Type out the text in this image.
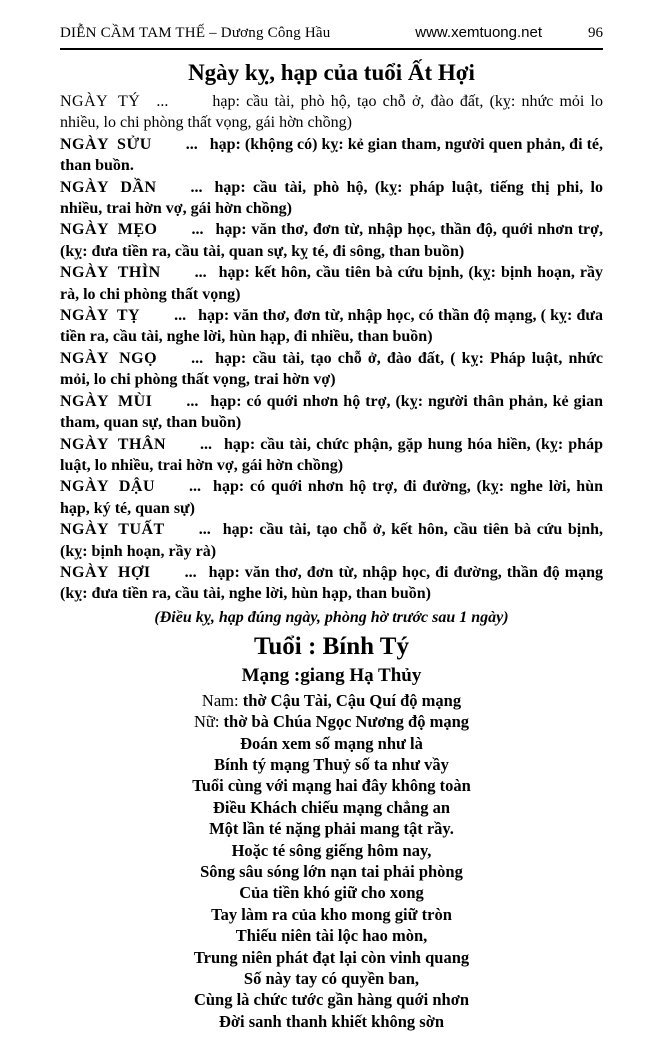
DIỄN CẦM TAM THẾ – Dương Công Hầu	www.xemtuong.net	96
Ngày kỵ, hạp của tuổi Ất Hợi

NGÀY TÝ ...	hạp: cầu tài, phò hộ, tạo chỗ ở, đào đất, (kỵ: nhức mỏi lo nhiều, lo chi phòng thất vọng, gái hờn chồng)

NGÀY SỬU ... hạp: (khộng có) kỵ: kẻ gian tham, người quen phản, đi té, than buồn.

NGÀY DẦN ... hạp: cầu tài, phò hộ, (kỵ: pháp luật, tiếng thị phi, lo nhiều, trai hờn vợ, gái hờn chồng)

NGÀY MẸO ... hạp: văn thơ, đơn từ, nhập học, thần độ, quới nhơn trợ, (kỵ: đưa tiền ra, cầu tài, quan sự, kỵ té, đi sông, than buồn)

NGÀY THÌN ... hạp: kết hôn, cầu tiên bà cứu bịnh, (kỵ: bịnh hoạn, rầy rà, lo chi phòng thất vọng)

NGÀY TỴ ... hạp: văn thơ, đơn từ, nhập học, có thần độ mạng, ( kỵ: đưa tiền ra, cầu tài, nghe lời, hùn hạp, đi nhiều, than buồn)

NGÀY NGỌ ... hạp: cầu tài, tạo chỗ ở, đào đất, ( kỵ: Pháp luật, nhức mỏi, lo chi phòng thất vọng, trai hờn vợ)

NGÀY MÙI ... hạp: có quới nhơn hộ trợ, (kỵ: người thân phản, kẻ gian tham, quan sự, than buồn)

NGÀY THÂN ... hạp: cầu tài, chức phận, gặp hung hóa hiền, (kỵ: pháp luật, lo nhiều, trai hờn vợ, gái hờn chồng)

NGÀY DẬU ... hạp: có quới nhơn hộ trợ, đi đường, (kỵ: nghe lời, hùn hạp, ký té, quan sự)

NGÀY TUẤT ... hạp: cầu tài, tạo chỗ ở, kết hôn, cầu tiên bà cứu bịnh, (kỵ: bịnh hoạn, rầy rà)

NGÀY HỢI ... hạp: văn thơ, đơn từ, nhập học, đi đường, thần độ mạng (kỵ: đưa tiền ra, cầu tài, nghe lời, hùn hạp, than buồn)

(Điều kỵ, hạp đúng ngày, phòng hờ trước sau 1 ngày)

Tuổi : Bính Tý
Mạng :giang Hạ Thủy

Nam: thờ Cậu Tài, Cậu Quí độ mạng

Nữ: thờ bà Chúa Ngọc Nương độ mạng

Đoán xem số mạng như là

Bính tý mạng Thuỷ số ta như vầy

Tuổi cùng với mạng hai đây không toàn

Điều Khách chiếu mạng chẳng an

Một lần té nặng phải mang tật rầy.

Hoặc té sông giếng hôm nay,

Sông sâu sóng lớn nạn tai phải phòng

Của tiền khó giữ cho xong

Tay làm ra của kho mong giữ tròn

Thiếu niên tài lộc hao mòn,

Trung niên phát đạt lại còn vinh quang

Số này tay có quyền ban,

Cùng là chức tước gần hàng quới nhơn

Đời sanh thanh khiết không sờn
